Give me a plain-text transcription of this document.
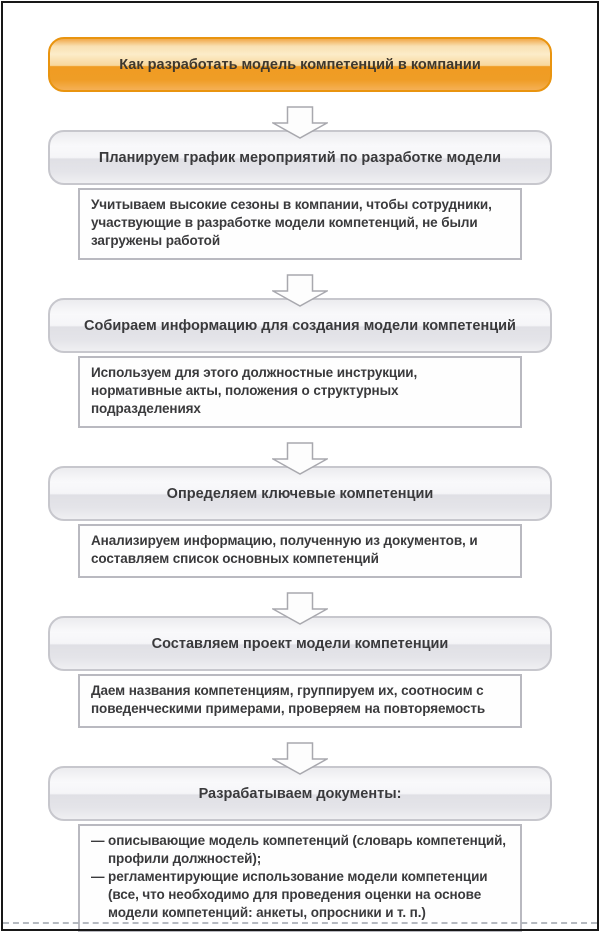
Как разработать модель компетенций в компании
Планируем график мероприятий по разработке модели
Учитываем высокие сезоны в компании, чтобы сотрудники, участвующие в разработке модели компетенций, не были загружены работой
Собираем информацию для создания модели компетенций
Используем для этого должностные инструкции, нормативные акты, положения о структурных подразделениях
Определяем ключевые компетенции
Анализируем информацию, полученную из документов, и составляем список основных компетенций
Составляем проект модели компетенции
Даем названия компетенциям, группируем их, соотносим с поведенческими примерами, проверяем на повторяемость
Разрабатываем документы:
— описывающие модель компетенций (словарь компетенций, профили должностей);
— регламентирующие использование модели компетенции (все, что необходимо для проведения оценки на основе модели компетенций: анкеты, опросники и т. п.)
